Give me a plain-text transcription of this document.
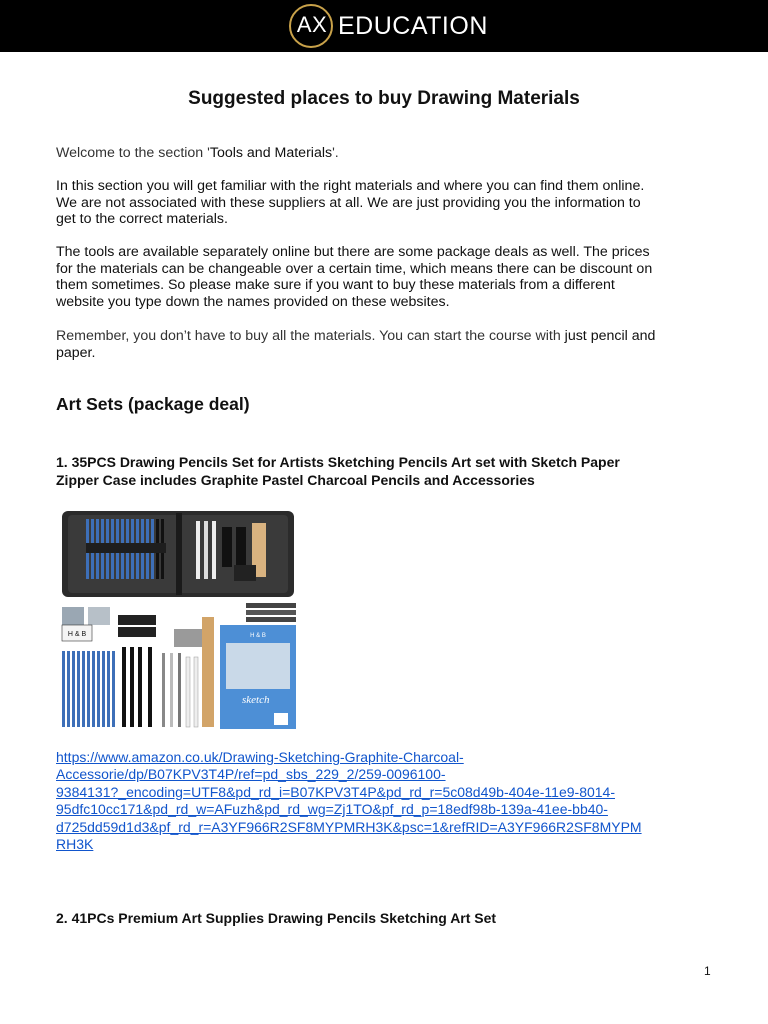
AX EDUCATION
Suggested places to buy Drawing Materials
Welcome to the section 'Tools and Materials'.
In this section you will get familiar with the right materials and where you can find them online.
We are not associated with these suppliers at all. We are just providing you the information to
get to the correct materials.
The tools are available separately online but there are some package deals as well. The prices
for the materials can be changeable over a certain time, which means there can be discount on
them sometimes. So please make sure if you want to buy these materials from a different
website you type down the names provided on these websites.
Remember, you don’t have to buy all the materials. You can start the course with just pencil and
paper.
Art Sets (package deal)
1. 35PCS Drawing Pencils Set for Artists Sketching Pencils Art set with Sketch Paper
Zipper Case includes Graphite Pastel Charcoal Pencils and Accessories
H & B	H & B
sketch
https://www.amazon.co.uk/Drawing-Sketching-Graphite-Charcoal-
Accessorie/dp/B07KPV3T4P/ref=pd_sbs_229_2/259-0096100-
9384131?_encoding=UTF8&pd_rd_i=B07KPV3T4P&pd_rd_r=5c08d49b-404e-11e9-8014-
95dfc10cc171&pd_rd_w=AFuzh&pd_rd_wg=Zj1TO&pf_rd_p=18edf98b-139a-41ee-bb40-
d725dd59d1d3&pf_rd_r=A3YF966R2SF8MYPMRH3K&psc=1&refRID=A3YF966R2SF8MYPM
RH3K
2. 41PCs Premium Art Supplies Drawing Pencils Sketching Art Set
1
